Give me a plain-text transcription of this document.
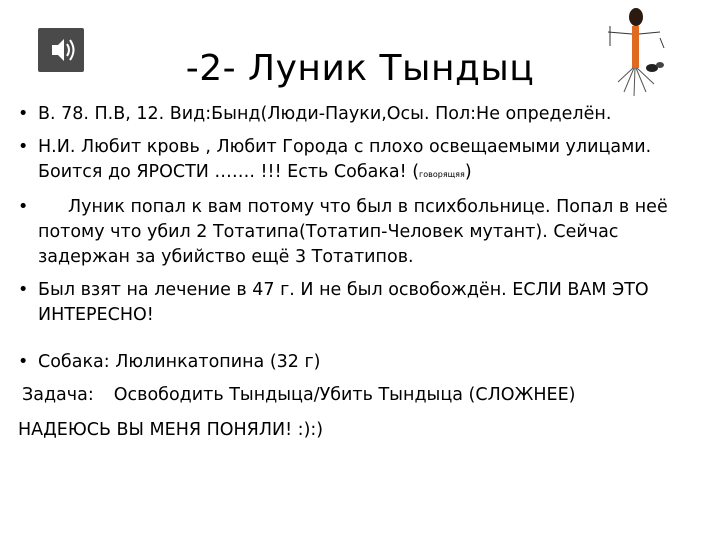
-2- Луник Тындыц
• В. 78. П.В, 12. Вид:Бынд(Люди-Пауки,Осы. Пол:Не определён.
• Н.И. Любит кровь , Любит Города с плохо освещаемыми улицами. Боится до ЯРОСТИ ……. !!! Есть Собака! (говорящяя)
• Луник попал к вам потому что был в психбольнице. Попал в неё потому что убил 2 Тотатипа(Тотатип-Человек мутант). Сейчас задержан за убийство ещё 3 Тотатипов.
• Был взят на лечение в 47 г. И не был освобождён. ЕСЛИ ВАМ ЭТО ИНТЕРЕСНО!
• Собака: Люлинкатопина (32 г)
Задача: Освободить Тындыца/Убить Тындыца (СЛОЖНЕЕ)
НАДЕЮСЬ ВЫ МЕНЯ ПОНЯЛИ! :):)
